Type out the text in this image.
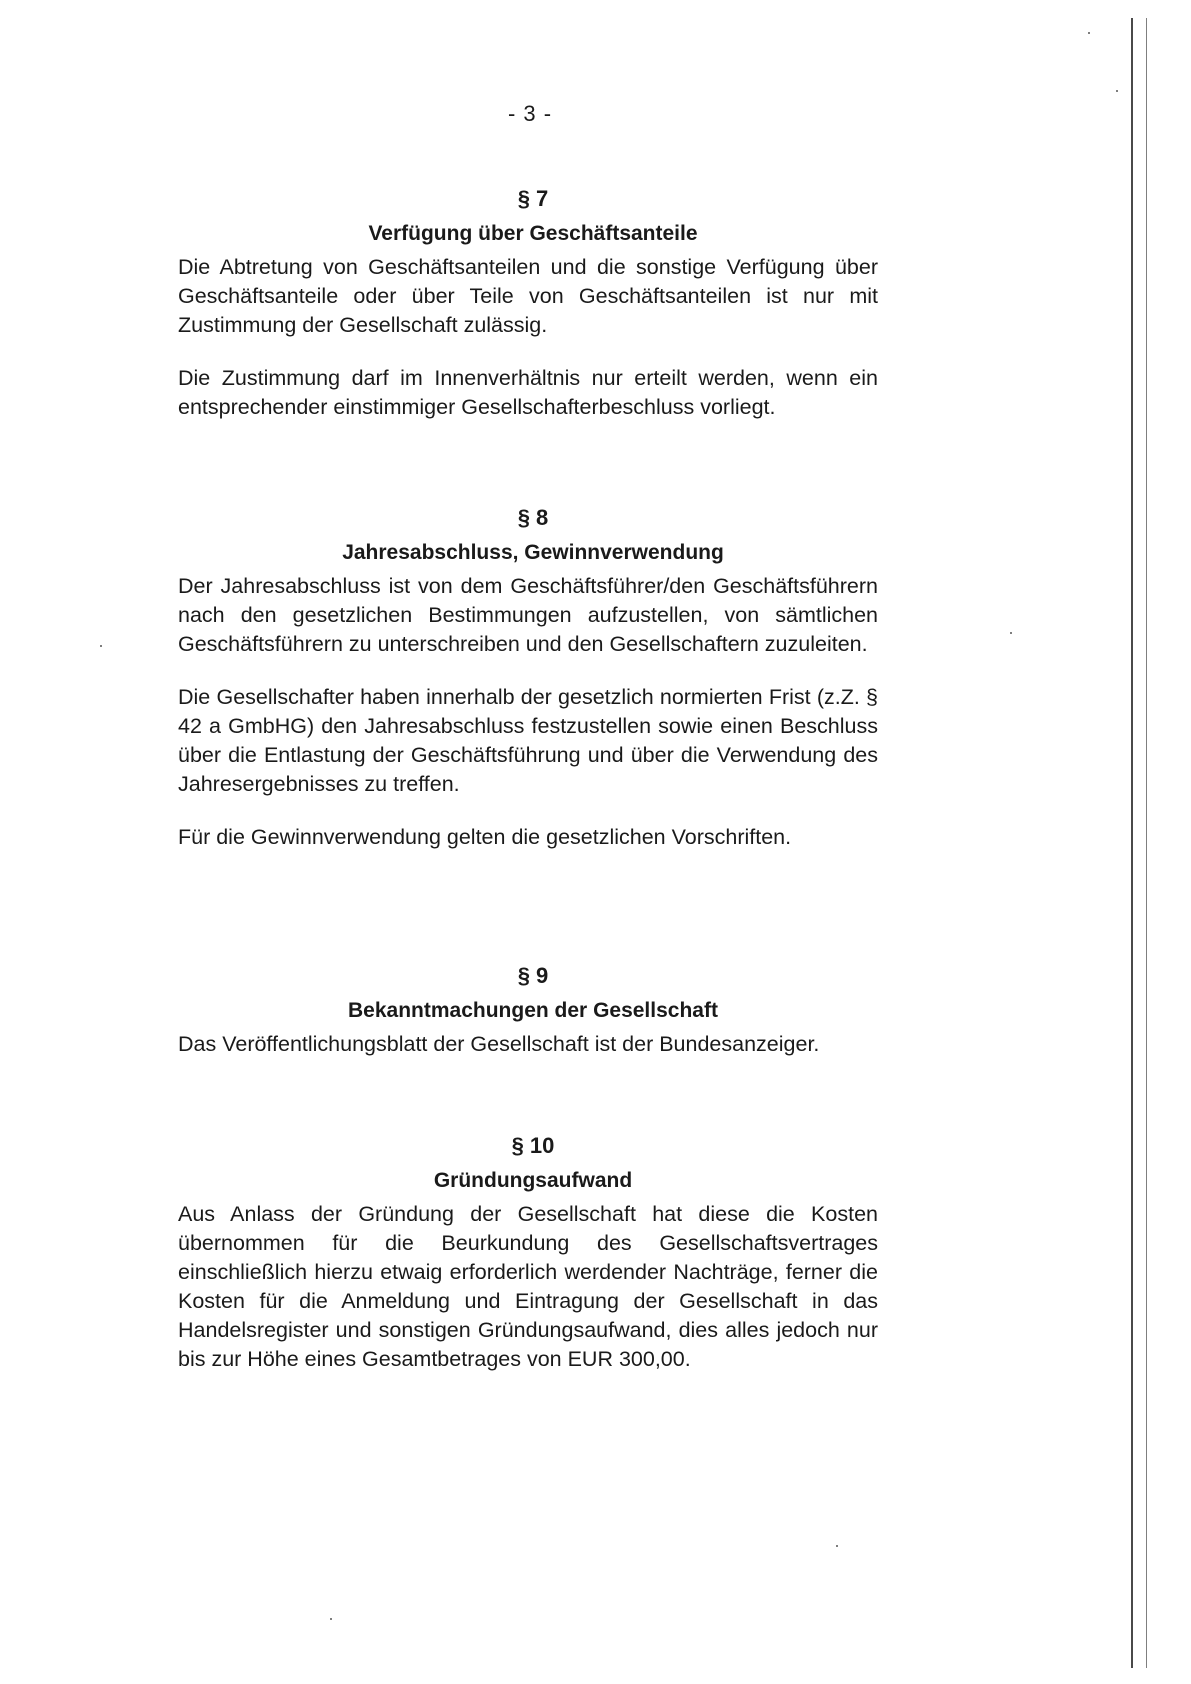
- 3 -
§ 7
Verfügung über Geschäftsanteile
Die Abtretung von Geschäftsanteilen und die sonstige Verfügung über Geschäftsanteile oder über Teile von Geschäftsanteilen ist nur mit Zustimmung der Gesellschaft zulässig.
Die Zustimmung darf im Innenverhältnis nur erteilt werden, wenn ein entsprechender einstimmiger Gesellschafterbeschluss vorliegt.
§ 8
Jahresabschluss, Gewinnverwendung
Der Jahresabschluss ist von dem Geschäftsführer/den Geschäftsführern nach den gesetzlichen Bestimmungen aufzustellen, von sämtlichen Geschäftsführern zu unterschreiben und den Gesellschaftern zuzuleiten.
Die Gesellschafter haben innerhalb der gesetzlich normierten Frist (z.Z. § 42 a GmbHG) den Jahresabschluss festzustellen sowie einen Beschluss über die Entlastung der Geschäftsführung und über die Verwendung des Jahresergebnisses zu treffen.
Für die Gewinnverwendung gelten die gesetzlichen Vorschriften.
§ 9
Bekanntmachungen der Gesellschaft
Das Veröffentlichungsblatt der Gesellschaft ist der Bundesanzeiger.
§ 10
Gründungsaufwand
Aus Anlass der Gründung der Gesellschaft hat diese die Kosten übernommen für die Beurkundung des Gesellschaftsvertrages einschließlich hierzu etwaig erforderlich werdender Nachträge, ferner die Kosten für die Anmeldung und Eintragung der Gesellschaft in das Handelsregister und sonstigen Gründungsaufwand, dies alles jedoch nur bis zur Höhe eines Gesamtbetrages von EUR 300,00.
